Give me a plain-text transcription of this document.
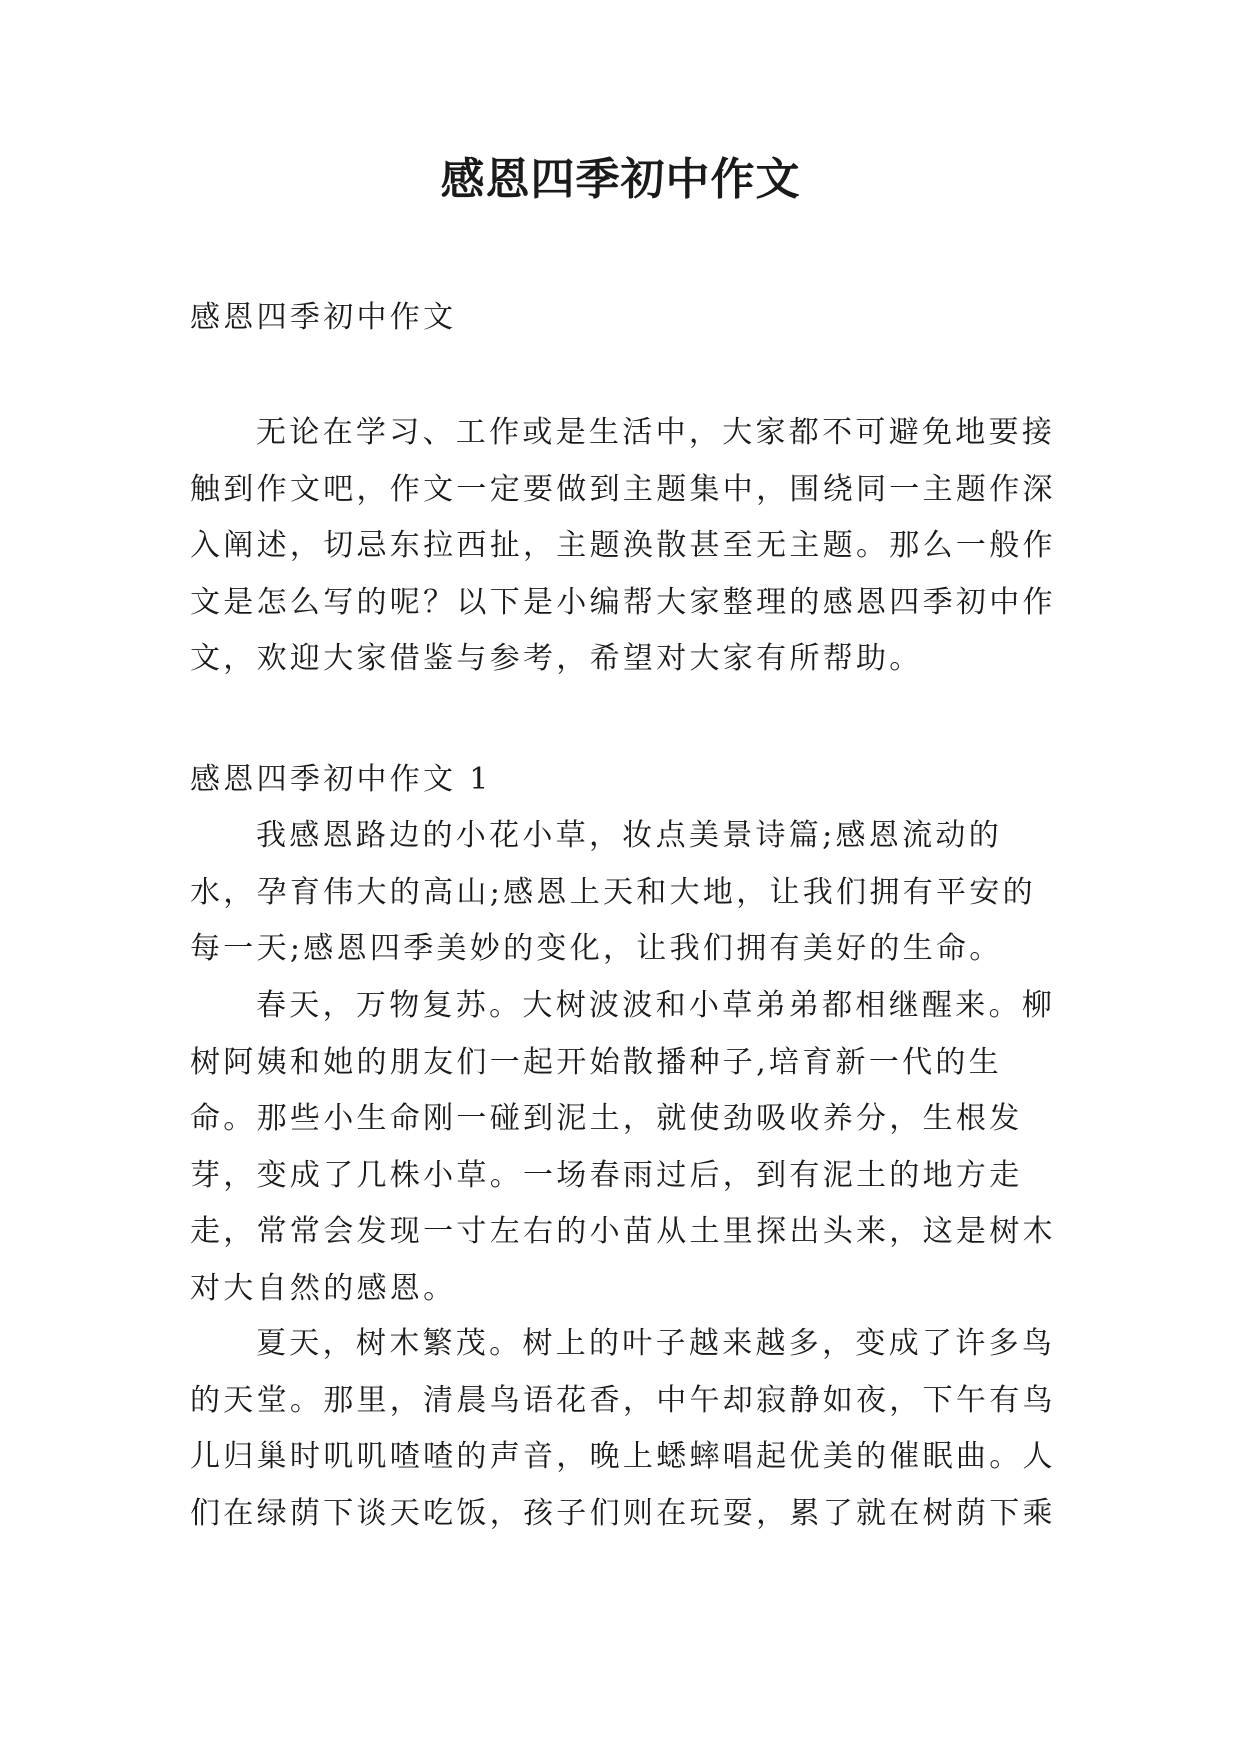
感恩四季初中作文

感恩四季初中作文

无论在学习、工作或是生活中，大家都不可避免地要接触到作文吧，作文一定要做到主题集中，围绕同一主题作深入阐述，切忌东拉西扯，主题涣散甚至无主题。那么一般作文是怎么写的呢？以下是小编帮大家整理的感恩四季初中作文，欢迎大家借鉴与参考，希望对大家有所帮助。

感恩四季初中作文 1

我感恩路边的小花小草，妆点美景诗篇;感恩流动的水，孕育伟大的高山;感恩上天和大地，让我们拥有平安的每一天;感恩四季美妙的变化，让我们拥有美好的生命。

春天，万物复苏。大树波波和小草弟弟都相继醒来。柳树阿姨和她的朋友们一起开始散播种子,培育新一代的生命。那些小生命刚一碰到泥土，就使劲吸收养分，生根发芽，变成了几株小草。一场春雨过后，到有泥土的地方走走，常常会发现一寸左右的小苗从土里探出头来，这是树木对大自然的感恩。

夏天，树木繁茂。树上的叶子越来越多，变成了许多鸟的天堂。那里，清晨鸟语花香，中午却寂静如夜，下午有鸟儿归巢时叽叽喳喳的声音，晚上蟋蟀唱起优美的催眠曲。人们在绿荫下谈天吃饭，孩子们则在玩耍，累了就在树荫下乘
